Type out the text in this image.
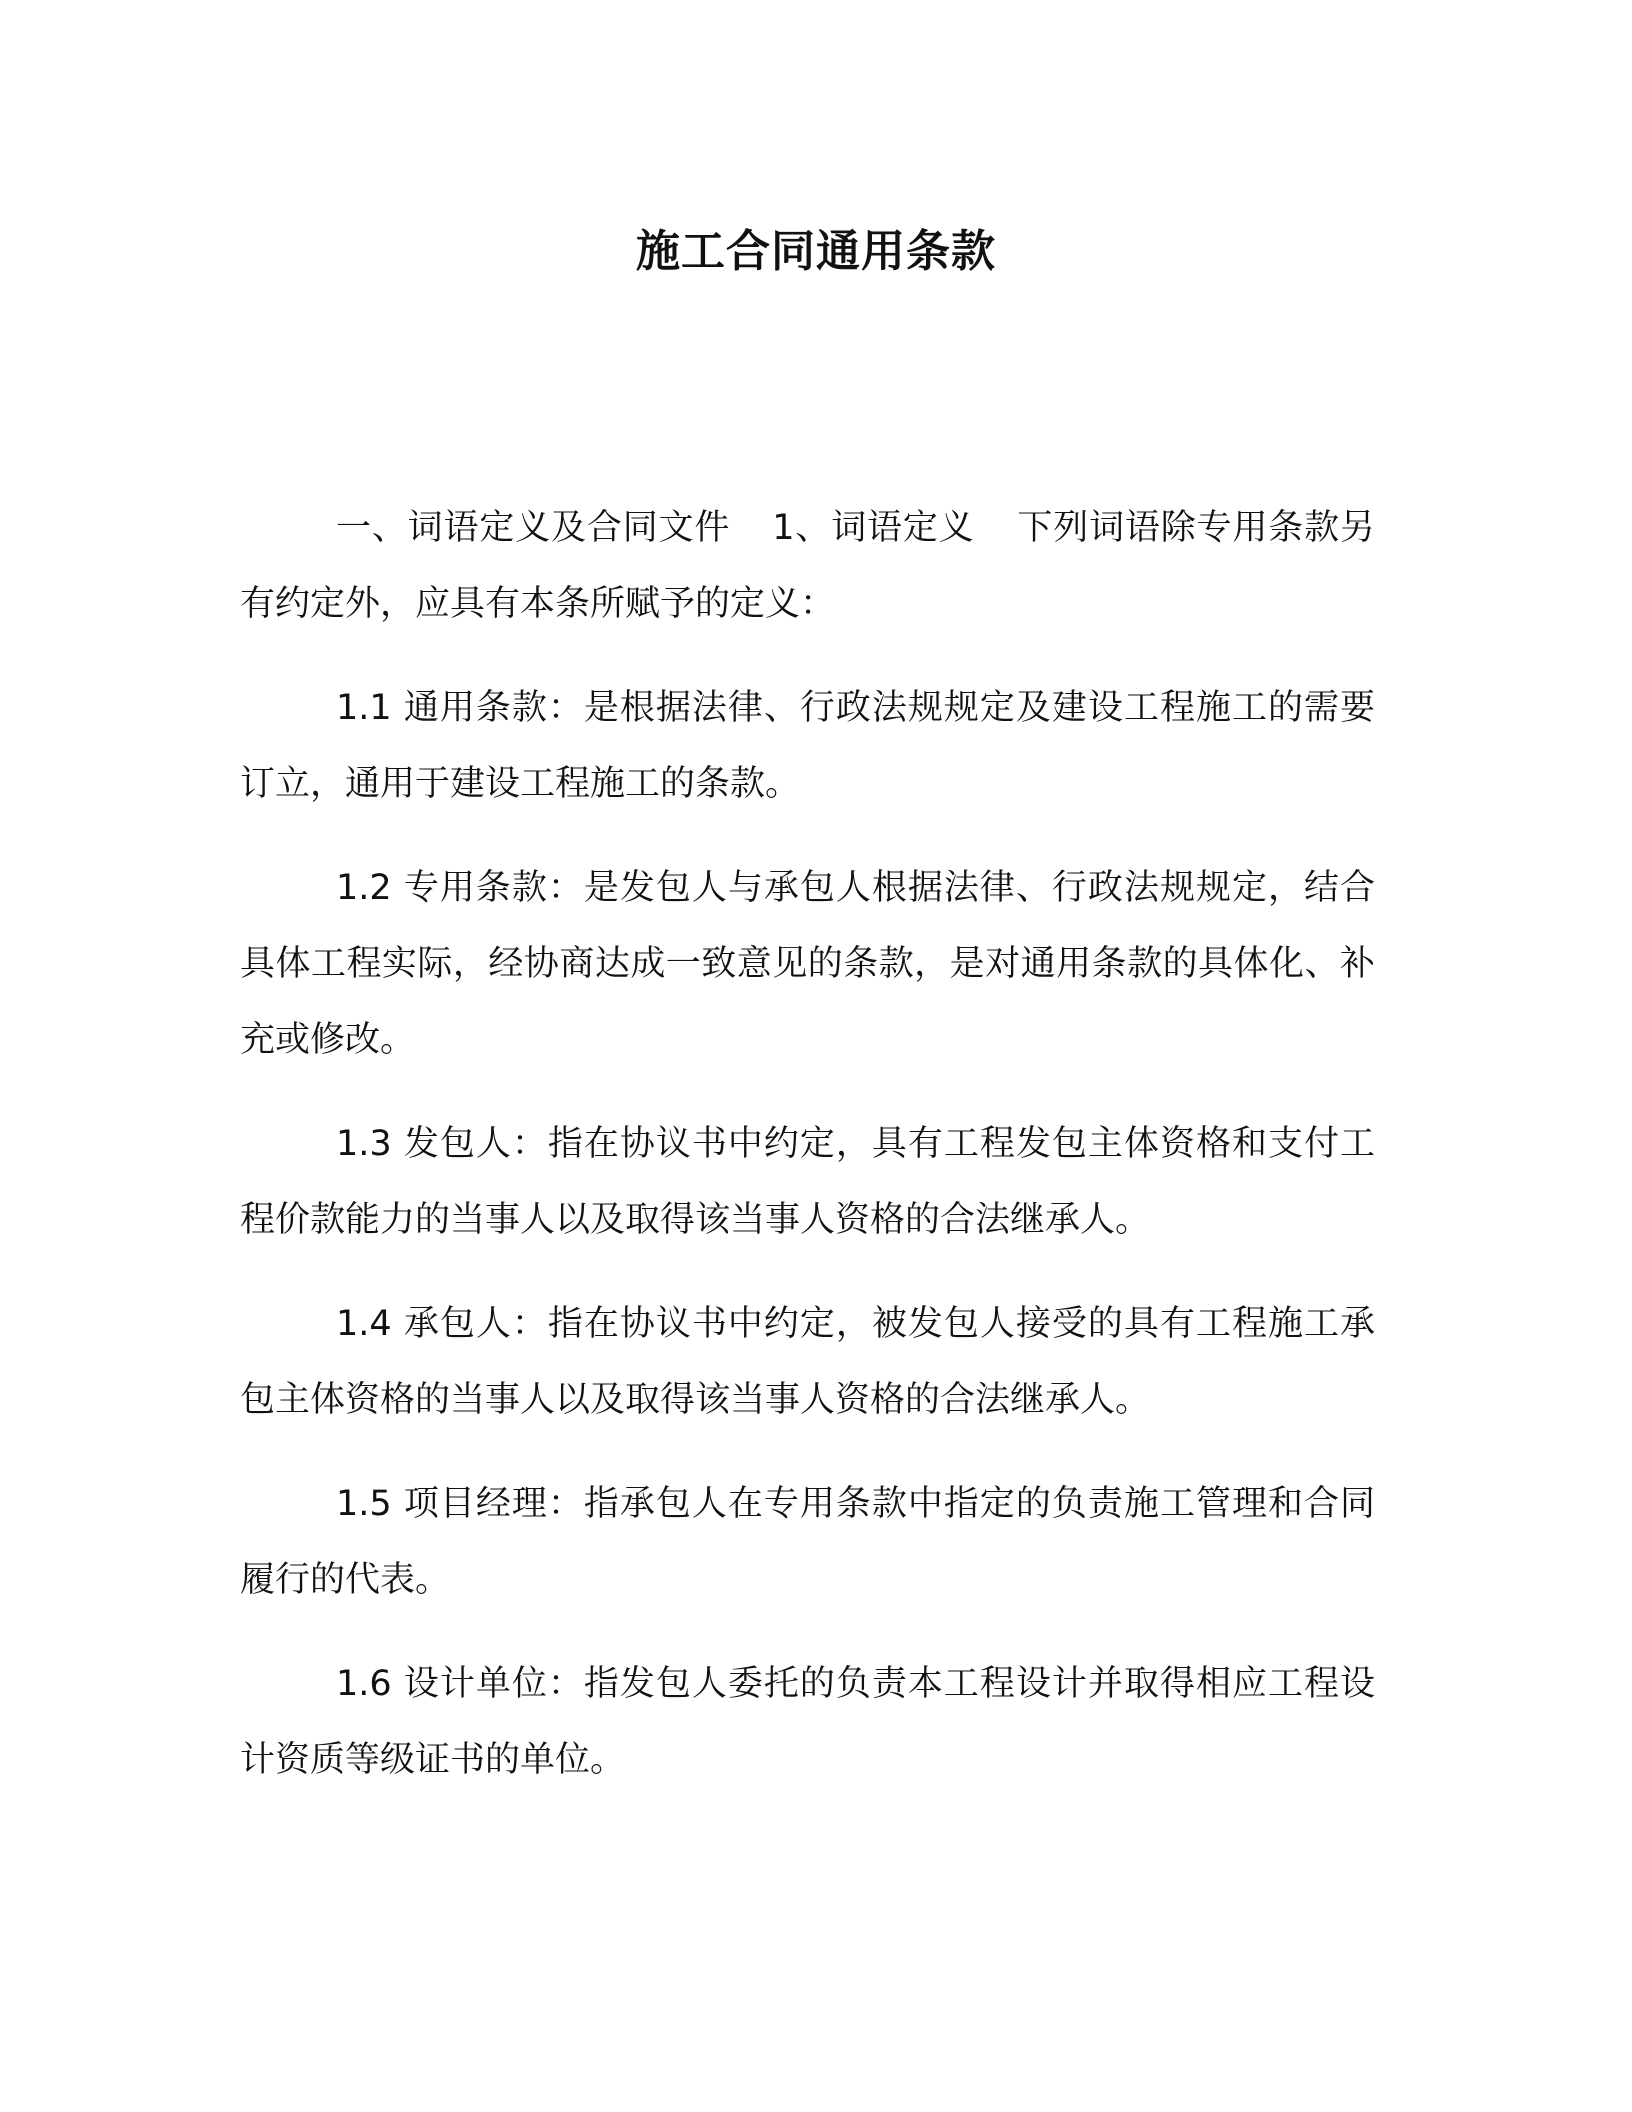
施工合同通用条款

一、词语定义及合同文件 1、词语定义 下列词语除专用条款另有约定外，应具有本条所赋予的定义：

1.1 通用条款：是根据法律、行政法规规定及建设工程施工的需要订立，通用于建设工程施工的条款。

1.2 专用条款：是发包人与承包人根据法律、行政法规规定，结合具体工程实际，经协商达成一致意见的条款，是对通用条款的具体化、补充或修改。

1.3 发包人：指在协议书中约定，具有工程发包主体资格和支付工程价款能力的当事人以及取得该当事人资格的合法继承人。

1.4 承包人：指在协议书中约定，被发包人接受的具有工程施工承包主体资格的当事人以及取得该当事人资格的合法继承人。

1.5 项目经理：指承包人在专用条款中指定的负责施工管理和合同履行的代表。

1.6 设计单位：指发包人委托的负责本工程设计并取得相应工程设计资质等级证书的单位。
